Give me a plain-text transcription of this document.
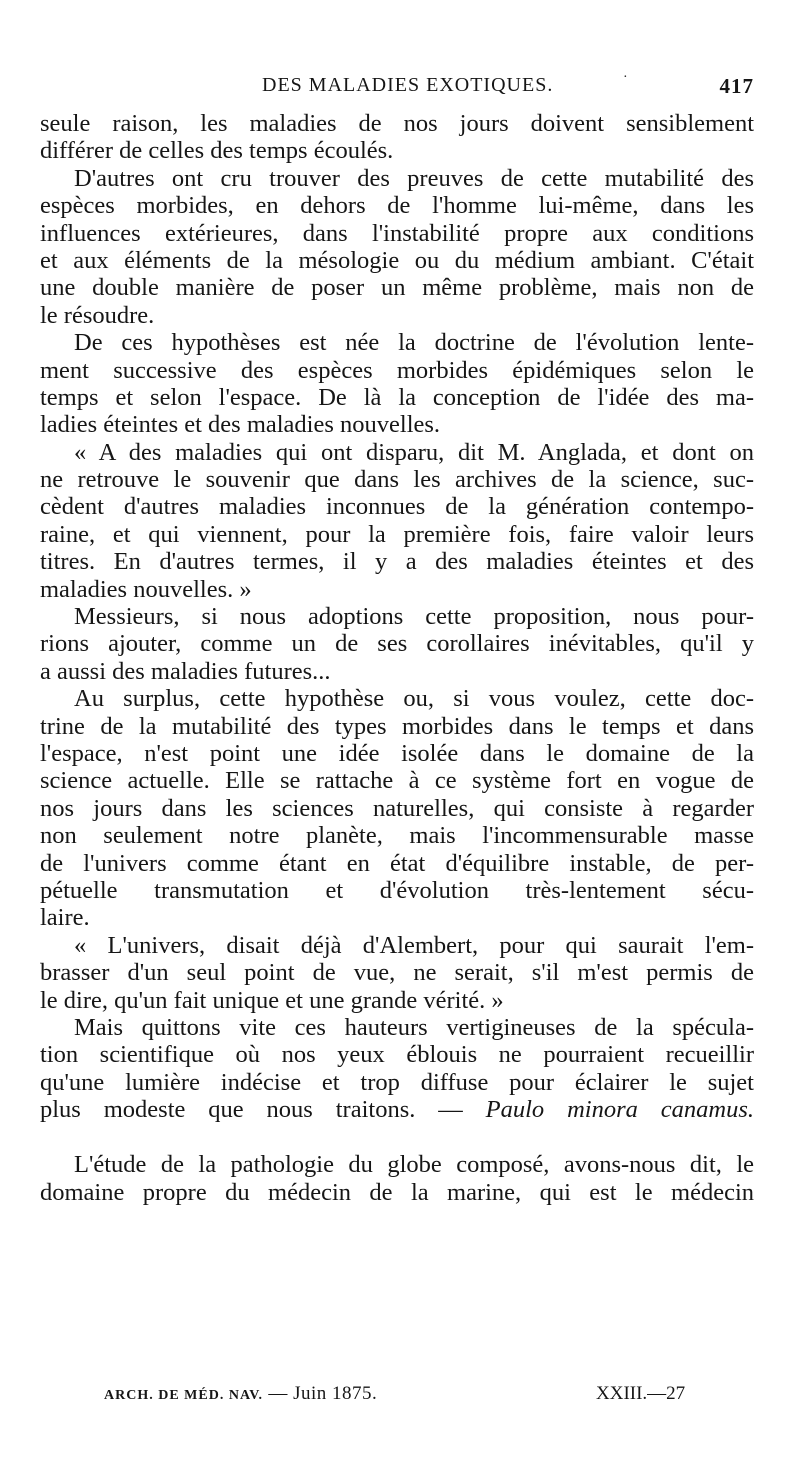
DES MALADIES EXOTIQUES.	·	417
seule raison, les maladies de nos jours doivent sensiblement
différer de celles des temps écoulés.
D'autres ont cru trouver des preuves de cette mutabilité des
espèces morbides, en dehors de l'homme lui-même, dans les
influences extérieures, dans l'instabilité propre aux conditions
et aux éléments de la mésologie ou du médium ambiant. C'était
une double manière de poser un même problème, mais non de
le résoudre.
De ces hypothèses est née la doctrine de l'évolution lente-
ment successive des espèces morbides épidémiques selon le
temps et selon l'espace. De là la conception de l'idée des ma-
ladies éteintes et des maladies nouvelles.
« A des maladies qui ont disparu, dit M. Anglada, et dont on
ne retrouve le souvenir que dans les archives de la science, suc-
cèdent d'autres maladies inconnues de la génération contempo-
raine, et qui viennent, pour la première fois, faire valoir leurs
titres. En d'autres termes, il y a des maladies éteintes et des
maladies nouvelles. »
Messieurs, si nous adoptions cette proposition, nous pour-
rions ajouter, comme un de ses corollaires inévitables, qu'il y
a aussi des maladies futures...
Au surplus, cette hypothèse ou, si vous voulez, cette doc-
trine de la mutabilité des types morbides dans le temps et dans
l'espace, n'est point une idée isolée dans le domaine de la
science actuelle. Elle se rattache à ce système fort en vogue de
nos jours dans les sciences naturelles, qui consiste à regarder
non seulement notre planète, mais l'incommensurable masse
de l'univers comme étant en état d'équilibre instable, de per-
pétuelle transmutation et d'évolution très-lentement sécu-
laire.
« L'univers, disait déjà d'Alembert, pour qui saurait l'em-
brasser d'un seul point de vue, ne serait, s'il m'est permis de
le dire, qu'un fait unique et une grande vérité. »
Mais quittons vite ces hauteurs vertigineuses de la spécula-
tion scientifique où nos yeux éblouis ne pourraient recueillir
qu'une lumière indécise et trop diffuse pour éclairer le sujet
plus modeste que nous traitons. — Paulo minora canamus.
L'étude de la pathologie du globe composé, avons-nous dit, le
domaine propre du médecin de la marine, qui est le médecin
ARCH. DE MÉD. NAV. — Juin 1875.	XXIII.—27
